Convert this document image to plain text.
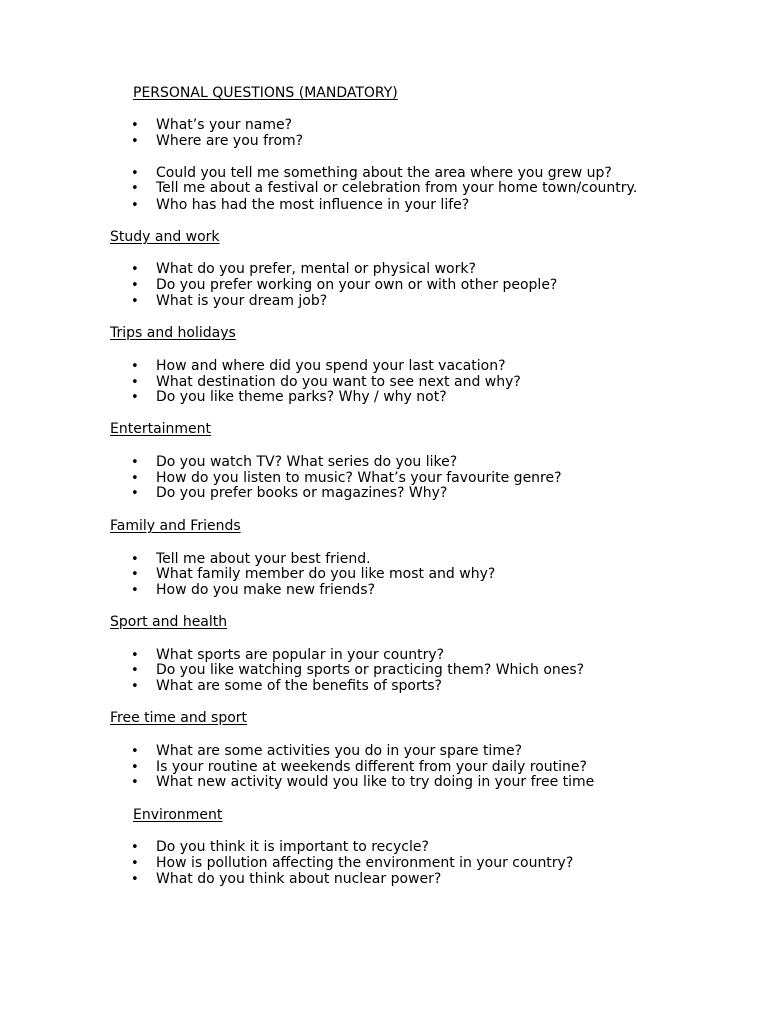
PERSONAL QUESTIONS (MANDATORY)
• What’s your name?
• Where are you from?
• Could you tell me something about the area where you grew up?
• Tell me about a festival or celebration from your home town/country.
• Who has had the most influence in your life?
Study and work
• What do you prefer, mental or physical work?
• Do you prefer working on your own or with other people?
• What is your dream job?
Trips and holidays
• How and where did you spend your last vacation?
• What destination do you want to see next and why?
• Do you like theme parks? Why / why not?
Entertainment
• Do you watch TV? What series do you like?
• How do you listen to music? What’s your favourite genre?
• Do you prefer books or magazines? Why?
Family and Friends
• Tell me about your best friend.
• What family member do you like most and why?
• How do you make new friends?
Sport and health
• What sports are popular in your country?
• Do you like watching sports or practicing them? Which ones?
• What are some of the benefits of sports?
Free time and sport
• What are some activities you do in your spare time?
• Is your routine at weekends different from your daily routine?
• What new activity would you like to try doing in your free time
Environment
• Do you think it is important to recycle?
• How is pollution affecting the environment in your country?
• What do you think about nuclear power?
